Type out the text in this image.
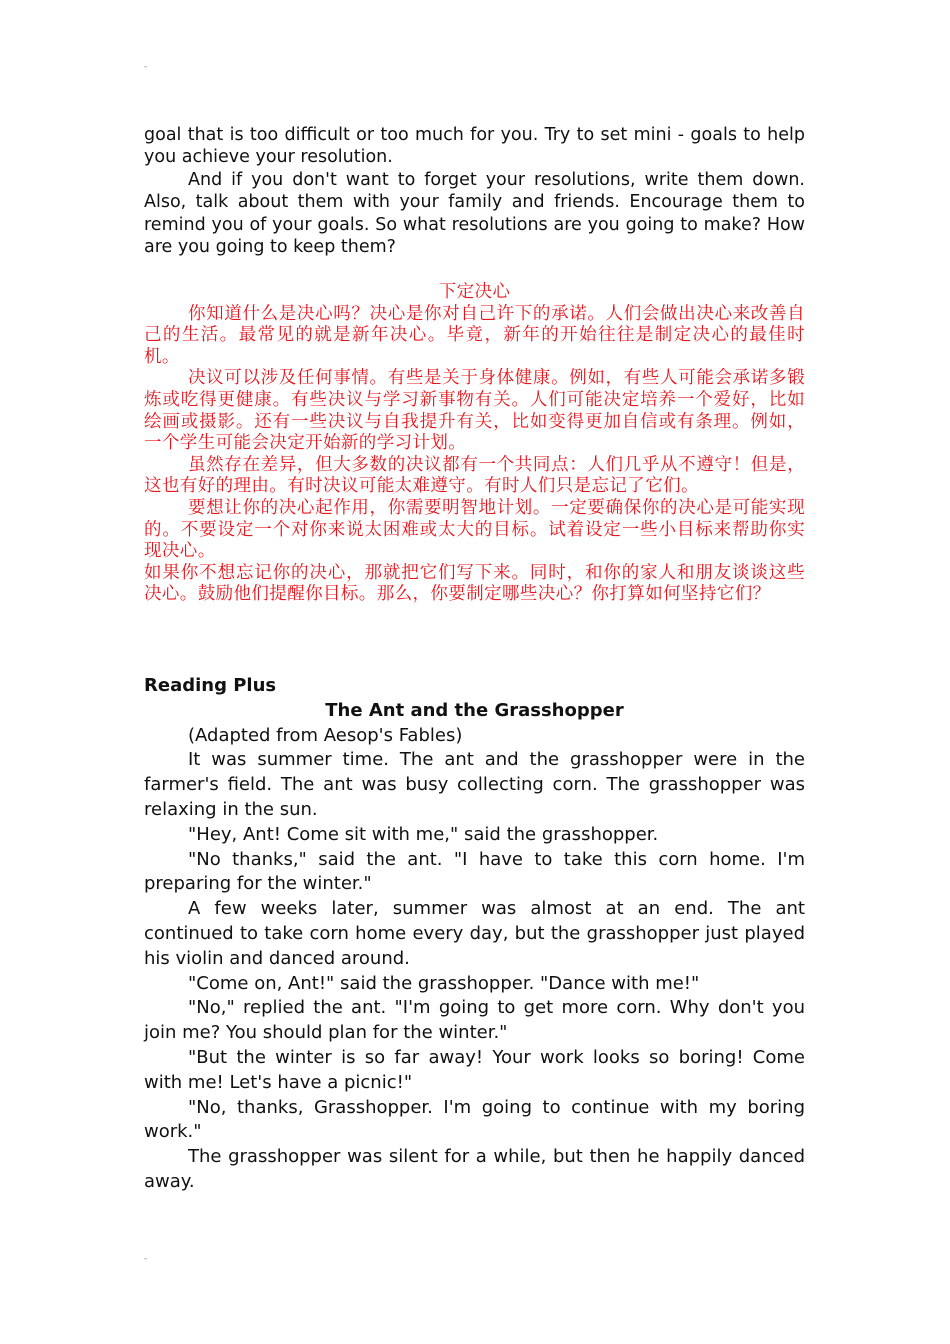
-

goal that is too difficult or too much for you. Try to set mini - goals to help you achieve your resolution.

And if you don't want to forget your resolutions, write them down. Also, talk about them with your family and friends. Encourage them to remind you of your goals. So what resolutions are you going to make? How are you going to keep them?

下定决心

你知道什么是决心吗？决心是你对自己许下的承诺。人们会做出决心来改善自己的生活。最常见的就是新年决心。毕竟，新年的开始往往是制定决心的最佳时机。

决议可以涉及任何事情。有些是关于身体健康。例如，有些人可能会承诺多锻炼或吃得更健康。有些决议与学习新事物有关。人们可能决定培养一个爱好，比如绘画或摄影。还有一些决议与自我提升有关，比如变得更加自信或有条理。例如，一个学生可能会决定开始新的学习计划。

虽然存在差异，但大多数的决议都有一个共同点：人们几乎从不遵守！但是，这也有好的理由。有时决议可能太难遵守。有时人们只是忘记了它们。

要想让你的决心起作用，你需要明智地计划。一定要确保你的决心是可能实现的。不要设定一个对你来说太困难或太大的目标。试着设定一些小目标来帮助你实现决心。

如果你不想忘记你的决心，那就把它们写下来。同时，和你的家人和朋友谈谈这些决心。鼓励他们提醒你目标。那么，你要制定哪些决心？你打算如何坚持它们？

Reading Plus

The Ant and the Grasshopper

(Adapted from Aesop's Fables)

It was summer time. The ant and the grasshopper were in the farmer's field. The ant was busy collecting corn. The grasshopper was relaxing in the sun.

"Hey, Ant! Come sit with me," said the grasshopper.

"No thanks," said the ant. "I have to take this corn home. I'm preparing for the winter."

A few weeks later, summer was almost at an end. The ant continued to take corn home every day, but the grasshopper just played his violin and danced around.

"Come on, Ant!" said the grasshopper. "Dance with me!"

"No," replied the ant. "I'm going to get more corn. Why don't you join me? You should plan for the winter."

"But the winter is so far away! Your work looks so boring! Come with me! Let's have a picnic!"

"No, thanks, Grasshopper. I'm going to continue with my boring work."

The grasshopper was silent for a while, but then he happily danced away.

-
